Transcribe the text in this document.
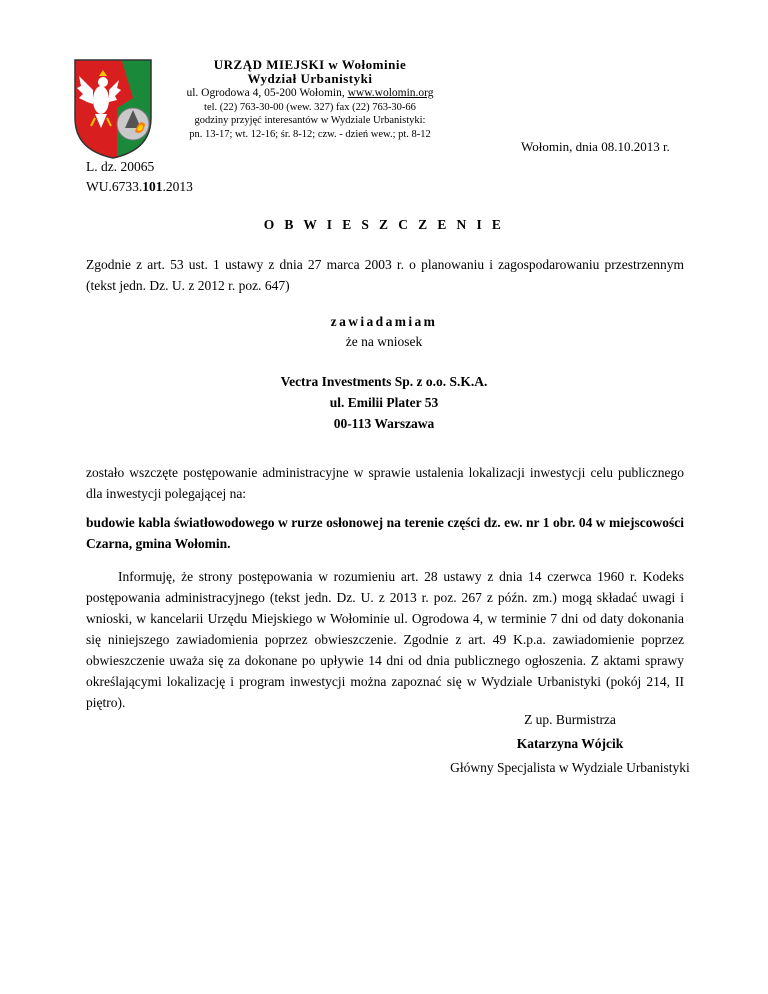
URZĄD MIEJSKI w Wołominie
Wydział Urbanistyki
ul. Ogrodowa 4, 05-200 Wołomin, www.wolomin.org
tel. (22) 763-30-00 (wew. 327) fax (22) 763-30-66
godziny przyjęć interesantów w Wydziale Urbanistyki:
pn. 13-17; wt. 12-16; śr. 8-12; czw. - dzień wew.; pt. 8-12
Wołomin, dnia 08.10.2013 r.
L. dz. 20065
WU.6733.101.2013
O B W I E S Z C Z E N I E
Zgodnie z art. 53 ust. 1 ustawy z dnia 27 marca 2003 r. o planowaniu i zagospodarowaniu przestrzennym (tekst jedn. Dz. U. z 2012 r. poz. 647)
zawiadamiam
że na wniosek
Vectra Investments Sp. z o.o. S.K.A.
ul. Emilii Plater 53
00-113 Warszawa
zostało wszczęte postępowanie administracyjne w sprawie ustalenia lokalizacji inwestycji celu publicznego dla inwestycji polegającej na:
budowie kabla światłowodowego w rurze osłonowej na terenie części dz. ew. nr 1 obr. 04 w miejscowości Czarna, gmina Wołomin.
Informuję, że strony postępowania w rozumieniu art. 28 ustawy z dnia 14 czerwca 1960 r. Kodeks postępowania administracyjnego (tekst jedn. Dz. U. z 2013 r. poz. 267 z późn. zm.) mogą składać uwagi i wnioski, w kancelarii Urzędu Miejskiego w Wołominie ul. Ogrodowa 4, w terminie 7 dni od daty dokonania się niniejszego zawiadomienia poprzez obwieszczenie. Zgodnie z art. 49 K.p.a. zawiadomienie poprzez obwieszczenie uważa się za dokonane po upływie 14 dni od dnia publicznego ogłoszenia. Z aktami sprawy określającymi lokalizację i program inwestycji można zapoznać się w Wydziale Urbanistyki (pokój 214, II piętro).
Z up. Burmistrza
Katarzyna Wójcik
Główny Specjalista w Wydziale Urbanistyki
